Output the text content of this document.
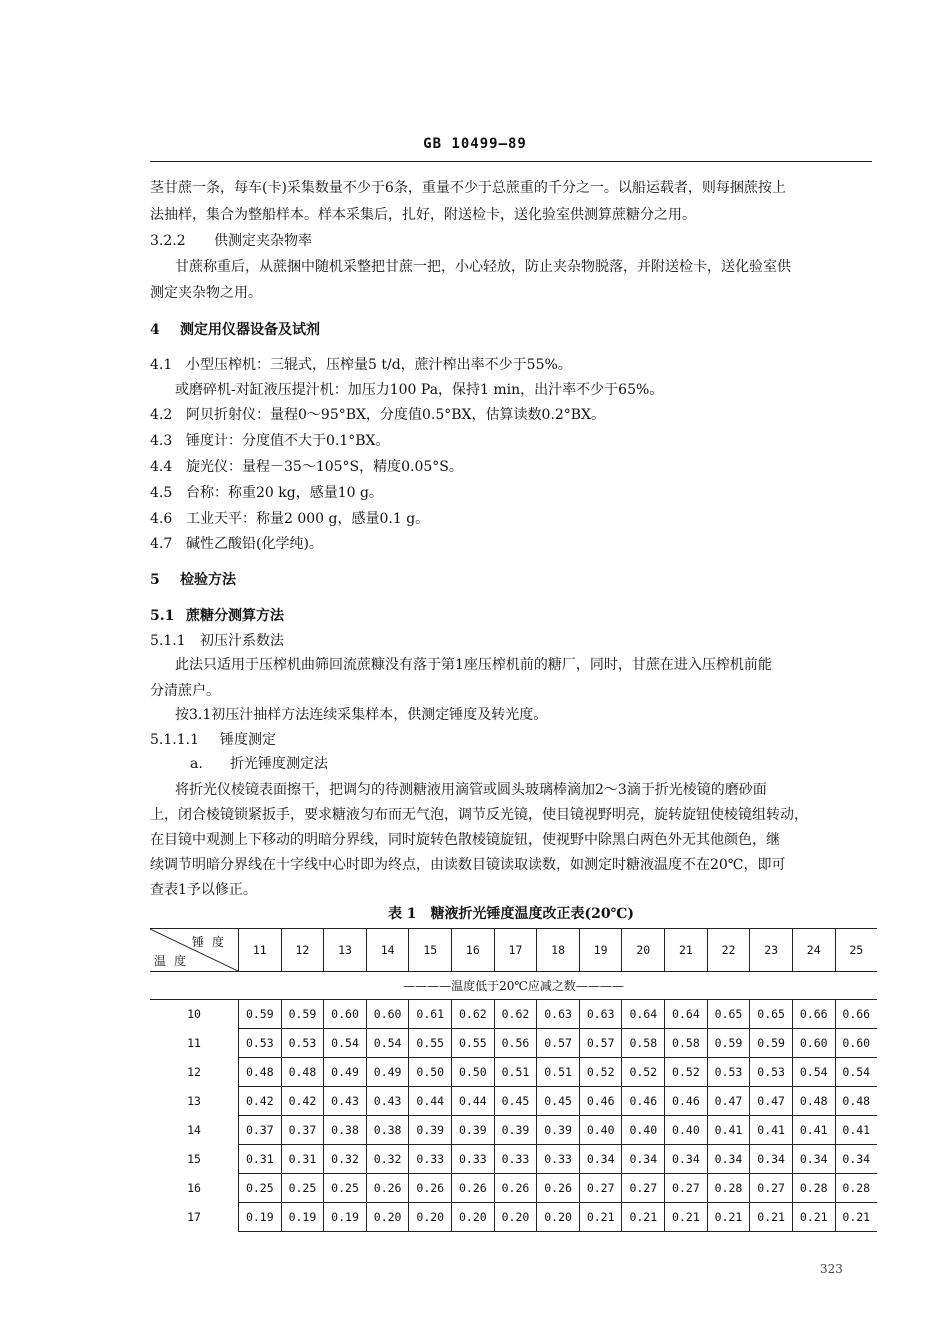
GB 10499—89
茎甘蔗一条，每车(卡)采集数量不少于6条，重量不少于总蔗重的千分之一。以船运载者，则每捆蔗按上
法抽样，集合为整船样本。样本采集后，扎好，附送检卡，送化验室供测算蔗糖分之用。
3.2.2 供测定夹杂物率
甘蔗称重后，从蔗捆中随机采整把甘蔗一把，小心轻放，防止夹杂物脱落，并附送检卡，送化验室供
测定夹杂物之用。
4 测定用仪器设备及试剂
4.1 小型压榨机：三辊式，压榨量5 t/d，蔗汁榨出率不少于55%。
或磨碎机-对缸液压提汁机：加压力100 Pa，保持1 min，出汁率不少于65%。
4.2 阿贝折射仪：量程0～95°BX，分度值0.5°BX，估算读数0.2°BX。
4.3 锤度计：分度值不大于0.1°BX。
4.4 旋光仪：量程－35～105°S，精度0.05°S。
4.5 台称：称重20 kg，感量10 g。
4.6 工业天平：称量2 000 g，感量0.1 g。
4.7 碱性乙酸铅(化学纯)。
5 检验方法
5.1 蔗糖分测算方法
5.1.1 初压汁系数法
此法只适用于压榨机曲筛回流蔗糠没有落于第1座压榨机前的糖厂，同时，甘蔗在进入压榨机前能
分清蔗户。
按3.1初压汁抽样方法连续采集样本，供测定锤度及转光度。
5.1.1.1 锤度测定
a. 折光锤度测定法
将折光仪棱镜表面擦干，把调匀的待测糖液用滴管或圆头玻璃棒滴加2～3滴于折光棱镜的磨砂面
上，闭合棱镜锁紧扳手，要求糖液匀布而无气泡，调节反光镜，使目镜视野明亮，旋转旋钮使棱镜组转动，
在目镜中观测上下移动的明暗分界线，同时旋转色散棱镜旋钮，使视野中除黑白两色外无其他颜色，继
续调节明暗分界线在十字线中心时即为终点，由读数目镜读取读数，如测定时糖液温度不在20℃，即可
查表1予以修正。
表 1　糖液折光锤度温度改正表(20℃)
锤度
温度	11	12	13	14	15	16	17	18	19	20	21	22	23	24	25
————温度低于20℃应减之数————															
10	0.59	0.59	0.60	0.60	0.61	0.62	0.62	0.63	0.63	0.64	0.64	0.65	0.65	0.66	0.66
11	0.53	0.53	0.54	0.54	0.55	0.55	0.56	0.57	0.57	0.58	0.58	0.59	0.59	0.60	0.60
12	0.48	0.48	0.49	0.49	0.50	0.50	0.51	0.51	0.52	0.52	0.52	0.53	0.53	0.54	0.54
13	0.42	0.42	0.43	0.43	0.44	0.44	0.45	0.45	0.46	0.46	0.46	0.47	0.47	0.48	0.48
14	0.37	0.37	0.38	0.38	0.39	0.39	0.39	0.39	0.40	0.40	0.40	0.41	0.41	0.41	0.41
15	0.31	0.31	0.32	0.32	0.33	0.33	0.33	0.33	0.34	0.34	0.34	0.34	0.34	0.34	0.34
16	0.25	0.25	0.25	0.26	0.26	0.26	0.26	0.26	0.27	0.27	0.27	0.28	0.27	0.28	0.28
17	0.19	0.19	0.19	0.20	0.20	0.20	0.20	0.20	0.21	0.21	0.21	0.21	0.21	0.21	0.21
323
